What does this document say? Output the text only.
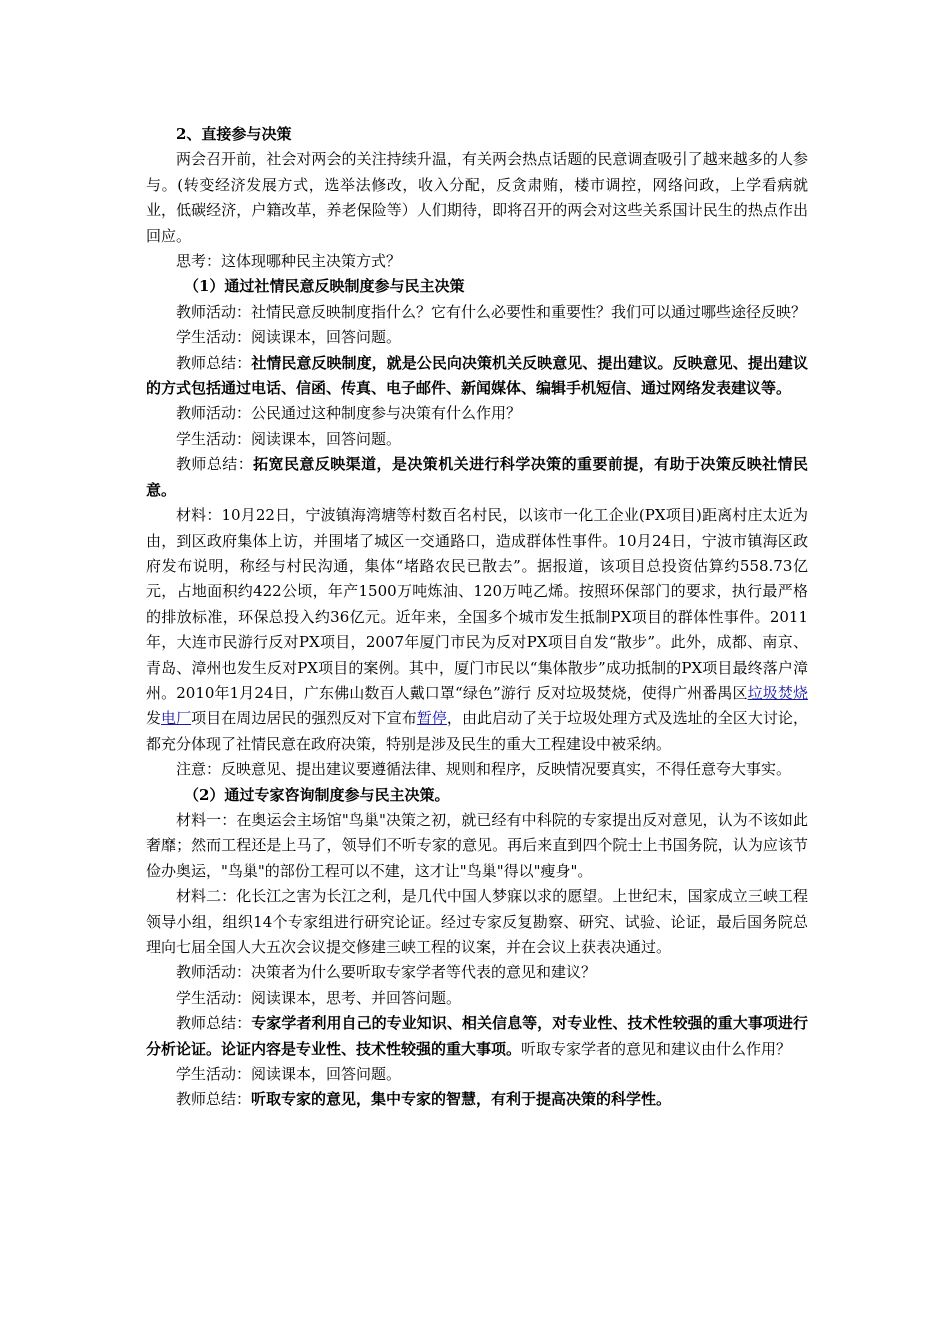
2、直接参与决策

两会召开前，社会对两会的关注持续升温，有关两会热点话题的民意调查吸引了越来越多的人参与。(转变经济发展方式，选举法修改，收入分配，反贪肃贿，楼市调控，网络问政，上学看病就业，低碳经济，户籍改革，养老保险等）人们期待，即将召开的两会对这些关系国计民生的热点作出回应。

思考：这体现哪种民主决策方式？

（1）通过社情民意反映制度参与民主决策

教师活动：社情民意反映制度指什么？它有什么必要性和重要性？我们可以通过哪些途径反映？

学生活动：阅读课本，回答问题。

教师总结：社情民意反映制度，就是公民向决策机关反映意见、提出建议。反映意见、提出建议的方式包括通过电话、信函、传真、电子邮件、新闻媒体、编辑手机短信、通过网络发表建议等。

教师活动：公民通过这种制度参与决策有什么作用？

学生活动：阅读课本，回答问题。

教师总结：拓宽民意反映渠道，是决策机关进行科学决策的重要前提，有助于决策反映社情民意。

材料：10月22日，宁波镇海湾塘等村数百名村民，以该市一化工企业(PX项目)距离村庄太近为由，到区政府集体上访，并围堵了城区一交通路口，造成群体性事件。10月24日，宁波市镇海区政府发布说明，称经与村民沟通，集体“堵路农民已散去”。据报道，该项目总投资估算约558.73亿元，占地面积约422公顷，年产1500万吨炼油、120万吨乙烯。按照环保部门的要求，执行最严格的排放标准，环保总投入约36亿元。近年来，全国多个城市发生抵制PX项目的群体性事件。2011年，大连市民游行反对PX项目，2007年厦门市民为反对PX项目自发“散步”。此外，成都、南京、青岛、漳州也发生反对PX项目的案例。其中，厦门市民以“集体散步”成功抵制的PX项目最终落户漳州。2010年1月24日，广东佛山数百人戴口罩“绿色”游行 反对垃圾焚烧，使得广州番禺区垃圾焚烧发电厂项目在周边居民的强烈反对下宣布暂停，由此启动了关于垃圾处理方式及选址的全区大讨论，都充分体现了社情民意在政府决策，特别是涉及民生的重大工程建设中被采纳。

注意：反映意见、提出建议要遵循法律、规则和程序，反映情况要真实，不得任意夸大事实。

（2）通过专家咨询制度参与民主决策。

材料一：在奥运会主场馆"鸟巢"决策之初，就已经有中科院的专家提出反对意见，认为不该如此奢靡；然而工程还是上马了，领导们不听专家的意见。再后来直到四个院士上书国务院，认为应该节俭办奥运，"鸟巢"的部份工程可以不建，这才让"鸟巢"得以"瘦身"。

材料二：化长江之害为长江之利，是几代中国人梦寐以求的愿望。上世纪末，国家成立三峡工程领导小组，组织14个专家组进行研究论证。经过专家反复勘察、研究、试验、论证，最后国务院总理向七届全国人大五次会议提交修建三峡工程的议案，并在会议上获表决通过。

教师活动：决策者为什么要听取专家学者等代表的意见和建议？

学生活动：阅读课本，思考、并回答问题。

教师总结：专家学者利用自己的专业知识、相关信息等，对专业性、技术性较强的重大事项进行分析论证。论证内容是专业性、技术性较强的重大事项。听取专家学者的意见和建议由什么作用？

学生活动：阅读课本，回答问题。

教师总结：听取专家的意见，集中专家的智慧，有利于提高决策的科学性。
